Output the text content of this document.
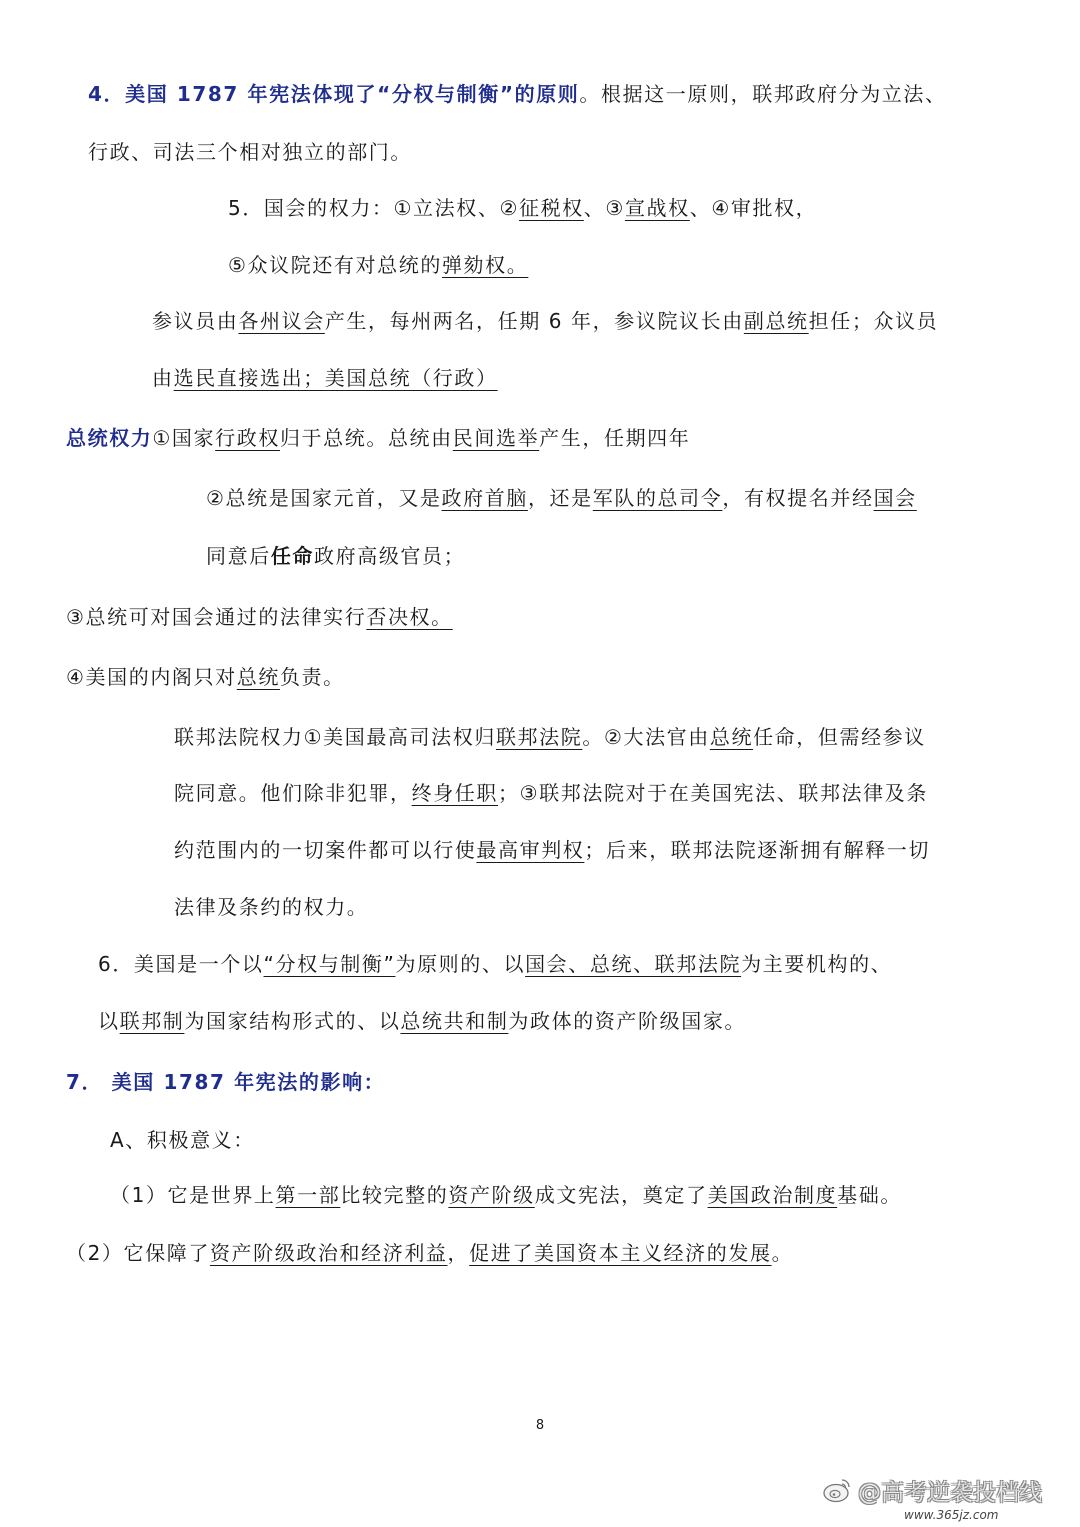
4．美国 1787 年宪法体现了“分权与制衡”的原则。根据这一原则，联邦政府分为立法、
行政、司法三个相对独立的部门。
5．国会的权力：①立法权、②征税权、③宣战权、④审批权，
⑤众议院还有对总统的弹劾权。
参议员由各州议会产生，每州两名，任期 6 年，参议院议长由副总统担任；众议员
由选民直接选出；美国总统（行政）
总统权力①国家行政权归于总统。总统由民间选举产生，任期四年
②总统是国家元首，又是政府首脑，还是军队的总司令，有权提名并经国会
同意后任命政府高级官员；
③总统可对国会通过的法律实行否决权。
④美国的内阁只对总统负责。
联邦法院权力①美国最高司法权归联邦法院。②大法官由总统任命，但需经参议
院同意。他们除非犯罪，终身任职；③联邦法院对于在美国宪法、联邦法律及条
约范围内的一切案件都可以行使最高审判权；后来，联邦法院逐渐拥有解释一切
法律及条约的权力。
6．美国是一个以“分权与制衡”为原则的、以国会、总统、联邦法院为主要机构的、
以联邦制为国家结构形式的、以总统共和制为政体的资产阶级国家。
7． 美国 1787 年宪法的影响：
A、积极意义：
（1）它是世界上第一部比较完整的资产阶级成文宪法，奠定了美国政治制度基础。
（2）它保障了资产阶级政治和经济利益，促进了美国资本主义经济的发展。
8
@高考逆袭投档线
www.365jz.com
